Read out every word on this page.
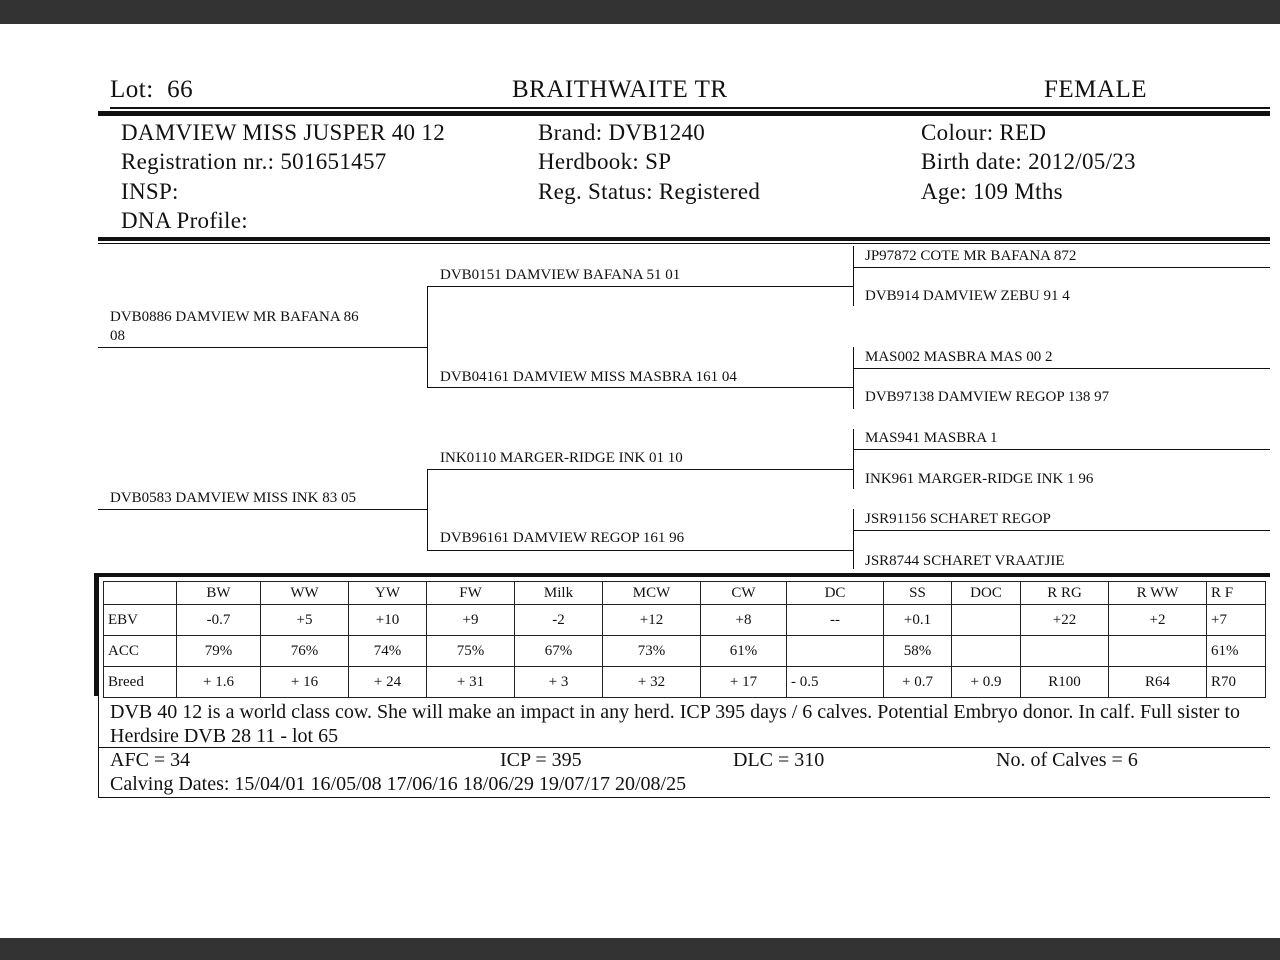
Lot: 66	BRAITHWAITE TR	FEMALE
DAMVIEW MISS JUSPER 40 12
Registration nr.: 501651457
INSP:
DNA Profile:
Brand: DVB1240
Herdbook: SP
Reg. Status: Registered
Colour: RED
Birth date: 2012/05/23
Age: 109 Mths
DVB0886 DAMVIEW MR BAFANA 86
08
DVB0583 DAMVIEW MISS INK 83 05
DVB0151 DAMVIEW BAFANA 51 01
DVB04161 DAMVIEW MISS MASBRA 161 04
INK0110 MARGER-RIDGE INK 01 10
DVB96161 DAMVIEW REGOP 161 96
JP97872 COTE MR BAFANA 872
DVB914 DAMVIEW ZEBU 91 4
MAS002 MASBRA MAS 00 2
DVB97138 DAMVIEW REGOP 138 97
MAS941 MASBRA 1
INK961 MARGER-RIDGE INK 1 96
JSR91156 SCHARET REGOP
JSR8744 SCHARET VRAATJIE
	BW	WW	YW	FW	Milk	MCW	CW	DC	SS	DOC	R RG	R WW	R F
EBV	-0.7	+5	+10	+9	-2	+12	+8	--	+0.1		+22	+2	+7
ACC	79%	76%	74%	75%	67%	73%	61%		58%				61%
Breed	+ 1.6	+ 16	+ 24	+ 31	+ 3	+ 32	+ 17	- 0.5	+ 0.7	+ 0.9	R100	R64	R70
DVB 40 12 is a world class cow. She will make an impact in any herd. ICP 395 days / 6 calves. Potential Embryo donor. In calf. Full sister to Herdsire DVB 28 11 - lot 65
AFC = 34	ICP = 395	DLC = 310	No. of Calves = 6
Calving Dates: 15/04/01 16/05/08 17/06/16 18/06/29 19/07/17 20/08/25
